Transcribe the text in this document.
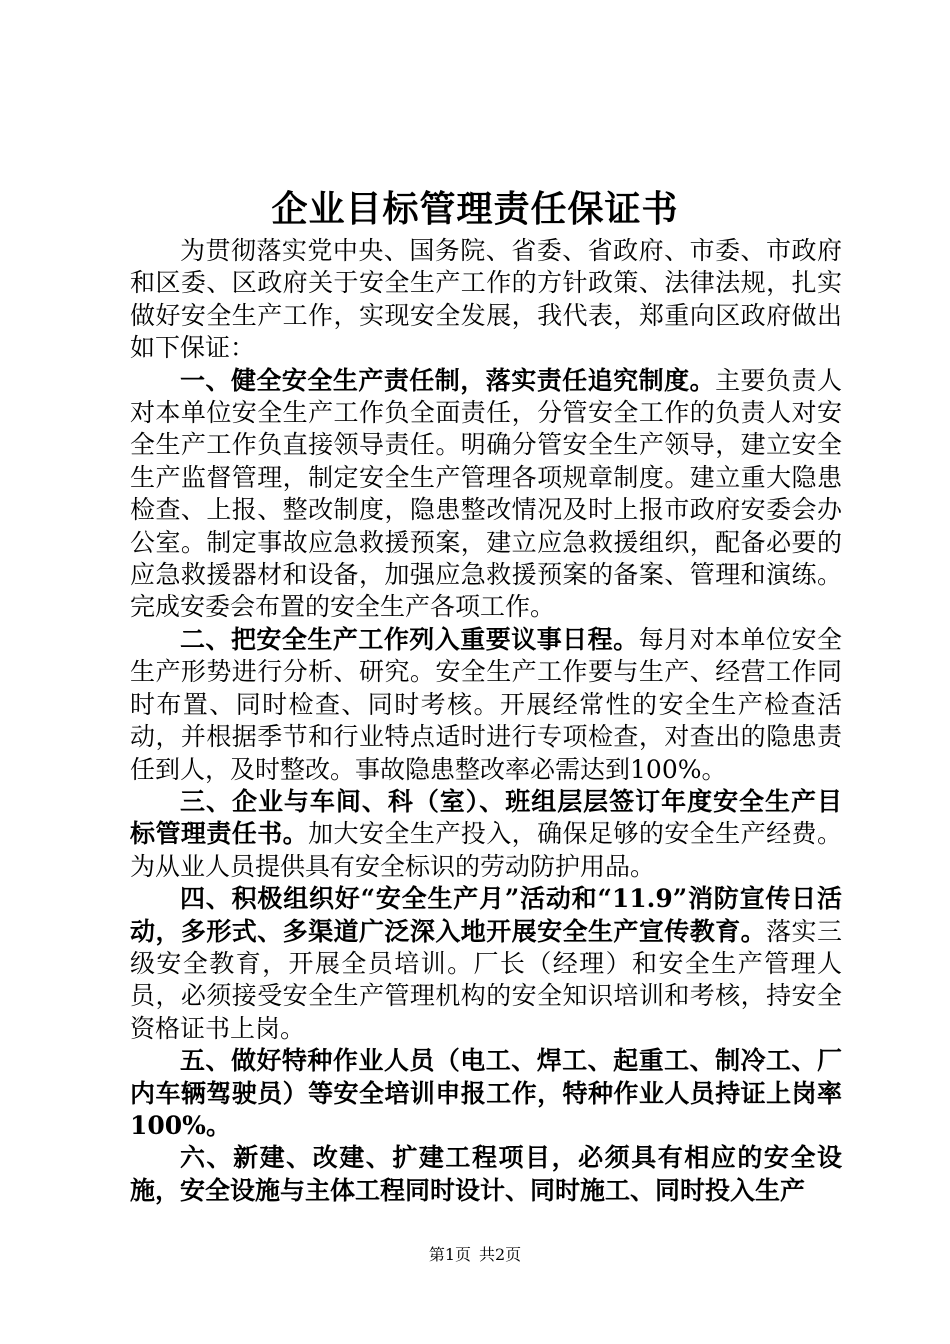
企业目标管理责任保证书

为贯彻落实党中央、国务院、省委、省政府、市委、市政府和区委、区政府关于安全生产工作的方针政策、法律法规，扎实做好安全生产工作，实现安全发展，我代表，郑重向区政府做出如下保证：

一、健全安全生产责任制，落实责任追究制度。主要负责人对本单位安全生产工作负全面责任，分管安全工作的负责人对安全生产工作负直接领导责任。明确分管安全生产领导，建立安全生产监督管理，制定安全生产管理各项规章制度。建立重大隐患检查、上报、整改制度，隐患整改情况及时上报市政府安委会办公室。制定事故应急救援预案，建立应急救援组织，配备必要的应急救援器材和设备，加强应急救援预案的备案、管理和演练。完成安委会布置的安全生产各项工作。

二、把安全生产工作列入重要议事日程。每月对本单位安全生产形势进行分析、研究。安全生产工作要与生产、经营工作同时布置、同时检查、同时考核。开展经常性的安全生产检查活动，并根据季节和行业特点适时进行专项检查，对查出的隐患责任到人，及时整改。事故隐患整改率必需达到100%。

三、企业与车间、科（室）、班组层层签订年度安全生产目标管理责任书。加大安全生产投入，确保足够的安全生产经费。为从业人员提供具有安全标识的劳动防护用品。

四、积极组织好“安全生产月”活动和“11.9”消防宣传日活动，多形式、多渠道广泛深入地开展安全生产宣传教育。落实三级安全教育，开展全员培训。厂长（经理）和安全生产管理人员，必须接受安全生产管理机构的安全知识培训和考核，持安全资格证书上岗。

五、做好特种作业人员（电工、焊工、起重工、制冷工、厂内车辆驾驶员）等安全培训申报工作，特种作业人员持证上岗率100%。

六、新建、改建、扩建工程项目，必须具有相应的安全设施，安全设施与主体工程同时设计、同时施工、同时投入生产

第1页 共2页
